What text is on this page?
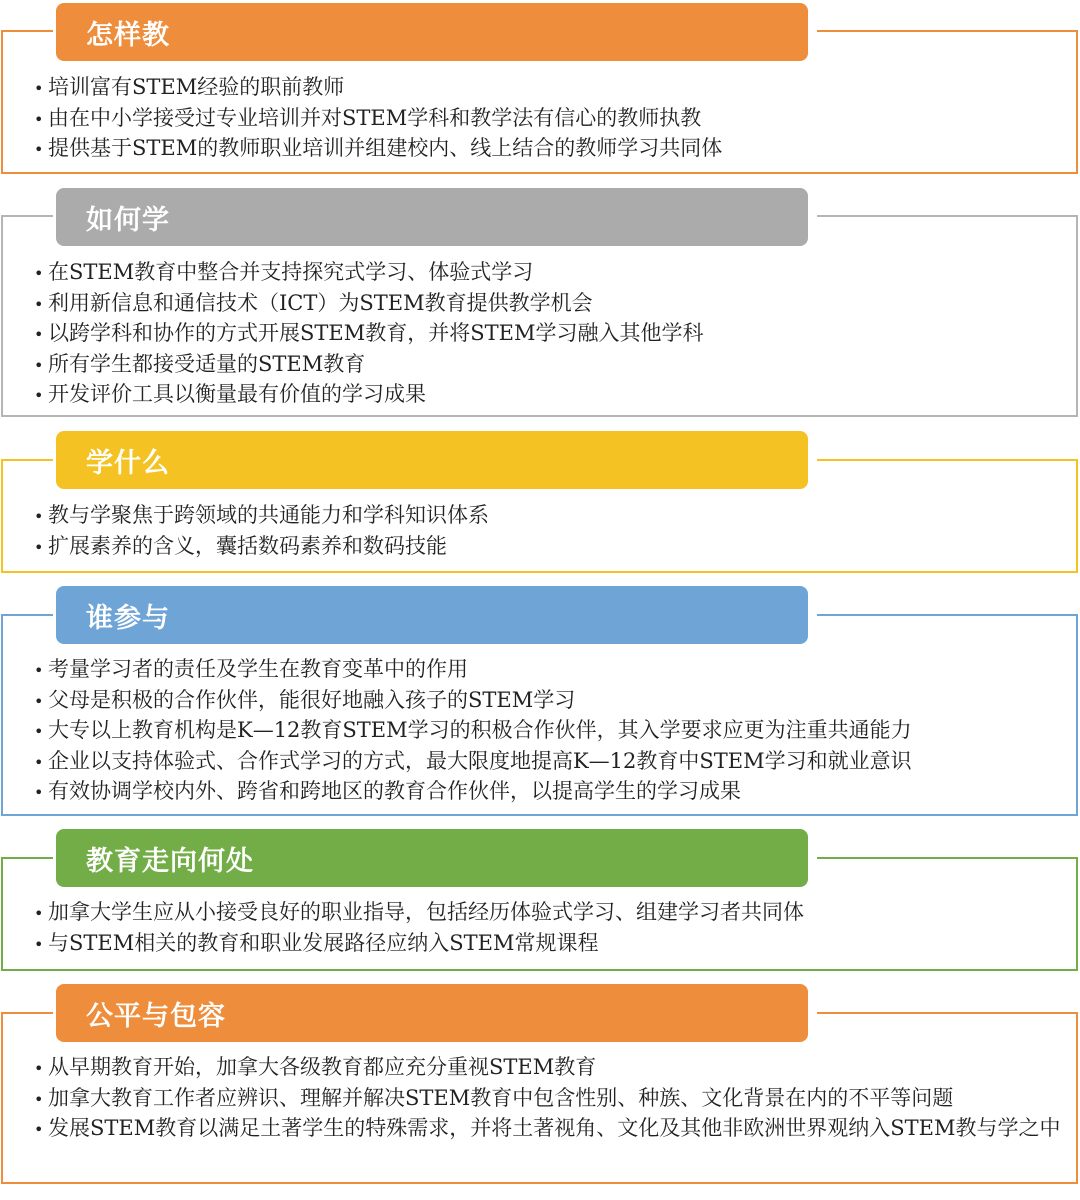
怎样教
• 培训富有STEM经验的职前教师
• 由在中小学接受过专业培训并对STEM学科和教学法有信心的教师执教
• 提供基于STEM的教师职业培训并组建校内、线上结合的教师学习共同体
如何学
• 在STEM教育中整合并支持探究式学习、体验式学习
• 利用新信息和通信技术（ICT）为STEM教育提供教学机会
• 以跨学科和协作的方式开展STEM教育，并将STEM学习融入其他学科
• 所有学生都接受适量的STEM教育
• 开发评价工具以衡量最有价值的学习成果
学什么
• 教与学聚焦于跨领域的共通能力和学科知识体系
• 扩展素养的含义，囊括数码素养和数码技能
谁参与
• 考量学习者的责任及学生在教育变革中的作用
• 父母是积极的合作伙伴，能很好地融入孩子的STEM学习
• 大专以上教育机构是K—12教育STEM学习的积极合作伙伴，其入学要求应更为注重共通能力
• 企业以支持体验式、合作式学习的方式，最大限度地提高K—12教育中STEM学习和就业意识
• 有效协调学校内外、跨省和跨地区的教育合作伙伴，以提高学生的学习成果
教育走向何处
• 加拿大学生应从小接受良好的职业指导，包括经历体验式学习、组建学习者共同体
• 与STEM相关的教育和职业发展路径应纳入STEM常规课程
公平与包容
• 从早期教育开始，加拿大各级教育都应充分重视STEM教育
• 加拿大教育工作者应辨识、理解并解决STEM教育中包含性别、种族、文化背景在内的不平等问题
• 发展STEM教育以满足土著学生的特殊需求，并将土著视角、文化及其他非欧洲世界观纳入STEM教与学之中
